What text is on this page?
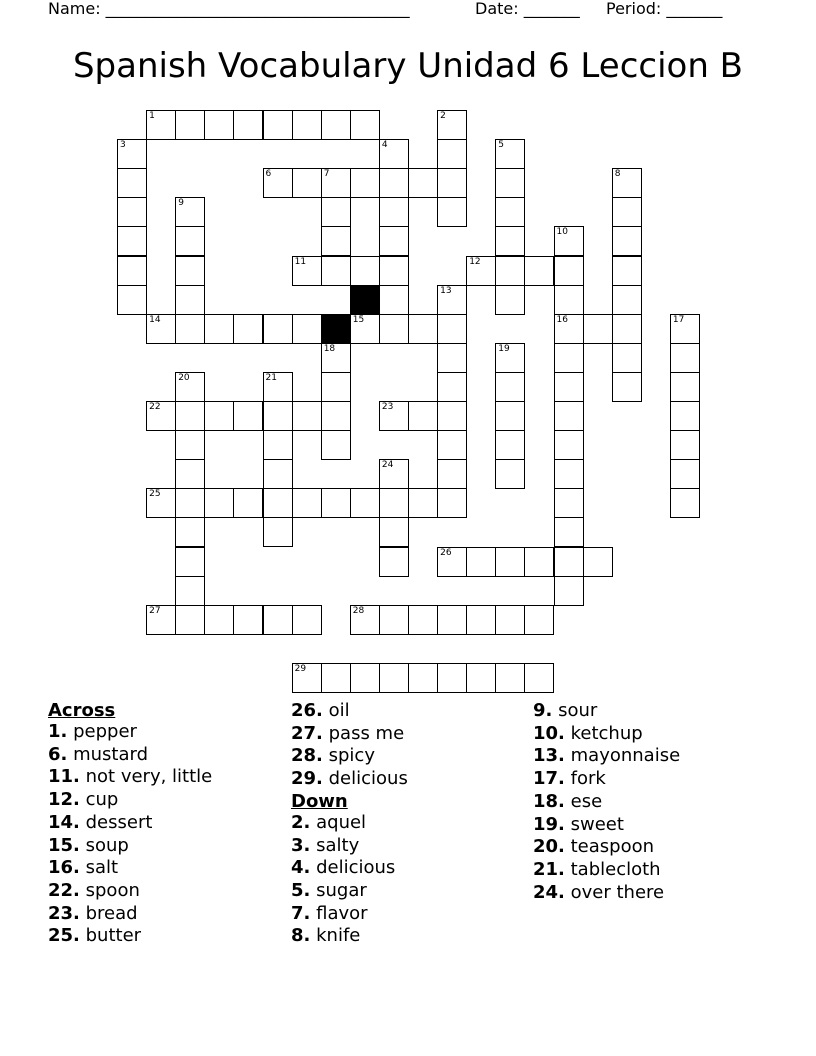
Name: ______________________________________	Date: _______ Period: _______
Spanish Vocabulary Unidad 6 Leccion B
1	2
3	4	5
6	7	8
9
10
16
11	12
13
14	15	17
18	19
20	21
22	23
24
25
26
27	28
29
Across
1. pepper
6. mustard
11. not very, little
12. cup
14. dessert
15. soup
16. salt
22. spoon
23. bread
25. butter
26. oil
27. pass me
28. spicy
29. delicious
Down
2. aquel
3. salty
4. delicious
5. sugar
7. flavor
8. knife
9. sour
10. ketchup
13. mayonnaise
17. fork
18. ese
19. sweet
20. teaspoon
21. tablecloth
24. over there
